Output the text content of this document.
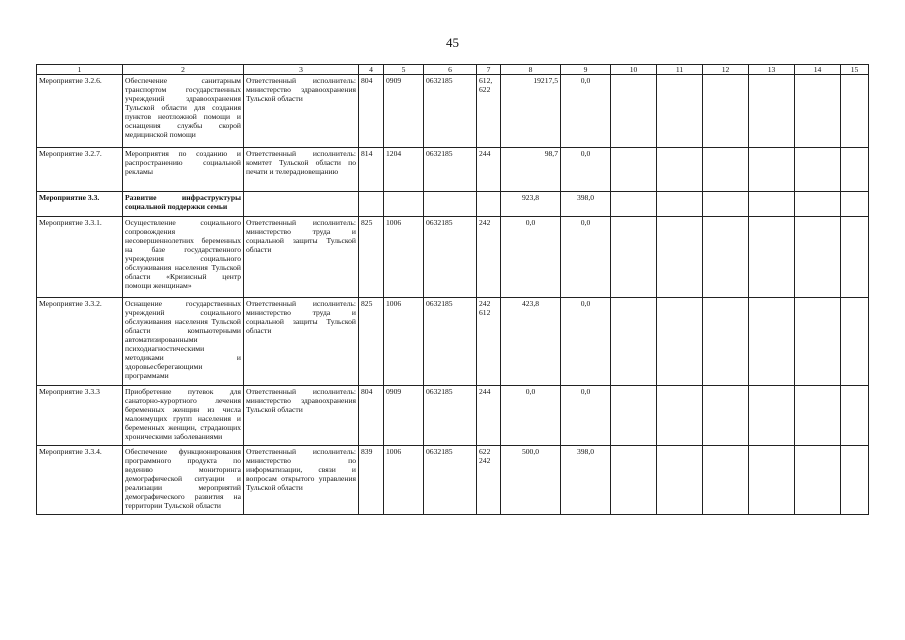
45
1	2	3	4	5	6	7	8	9	10	11	12	13	14	15
Мероприятие 3.2.6.	Обеспечение санитарным транспортом государственных учреждений здравоохранения Тульской области для создания пунктов неотложной помощи и оснащения службы скорой медицинской помощи	Ответственный исполнитель: министерство здравоохранения Тульской области	804	0909	0632185	612, 622	19217,5	0,0						
Мероприятие 3.2.7.	Мероприятия по созданию и распространению социальной рекламы	Ответственный исполнитель: комитет Тульской области по печати и телерадиовещанию	814	1204	0632185	244	98,7	0,0						
Мероприятие 3.3.	Развитие инфраструктуры социальной поддержки семьи						923,8	398,0						
Мероприятие 3.3.1.	Осуществление социального сопровождения несовершеннолетних беременных на базе государственного учреждения социального обслуживания населения Тульской области «Кризисный центр помощи женщинам»	Ответственный исполнитель: министерство труда и социальной защиты Тульской области	825	1006	0632185	242	0,0	0,0						
Мероприятие 3.3.2.	Оснащение государственных учреждений социального обслуживания населения Тульской области компьютерными автоматизированными психодиагностическими методиками и здоровьесберегающими программами	Ответственный исполнитель: министерство труда и социальной защиты Тульской области	825	1006	0632185	242 612	423,8	0,0						
Мероприятие 3.3.3	Приобретение путевок для санаторно-курортного лечения беременных женщин из числа малоимущих групп населения и беременных женщин, страдающих хроническими заболеваниями	Ответственный исполнитель: министерство здравоохранения Тульской области	804	0909	0632185	244	0,0	0,0						
Мероприятие 3.3.4.	Обеспечение функционирования программного продукта по ведению мониторинга демографической ситуации и реализации мероприятий демографического развития на территории Тульской области	Ответственный исполнитель: министерство по информатизации, связи и вопросам открытого управления Тульской области	839	1006	0632185	622 242	500,0	398,0						
